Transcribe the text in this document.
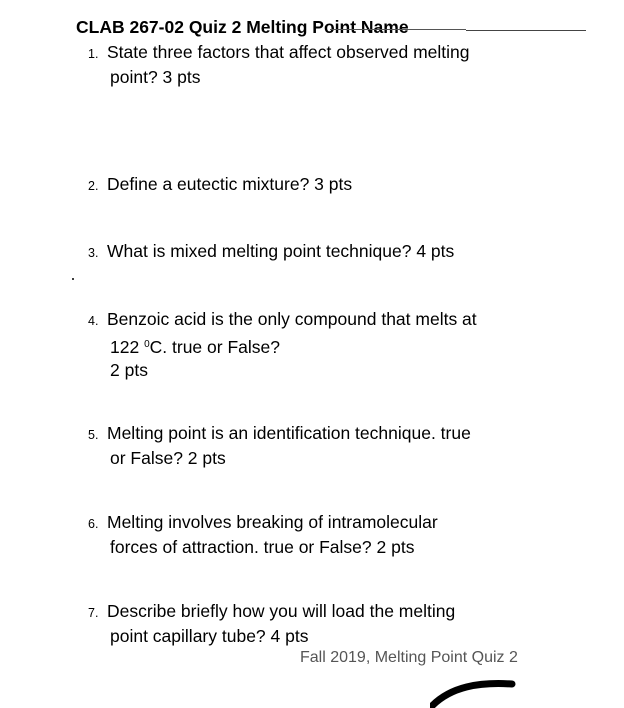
CLAB 267-02 Quiz 2 Melting Point Name
1. State three factors that affect observed melting
point? 3 pts
2. Define a eutectic mixture? 3 pts
3. What is mixed melting point technique? 4 pts
4. Benzoic acid is the only compound that melts at
122 $^0$C. true or False?
2 pts
5. Melting point is an identification technique. true
or False? 2 pts
6. Melting involves breaking of intramolecular
forces of attraction. true or False? 2 pts
7. Describe briefly how you will load the melting
point capillary tube? 4 pts
Fall 2019, Melting Point Quiz 2
